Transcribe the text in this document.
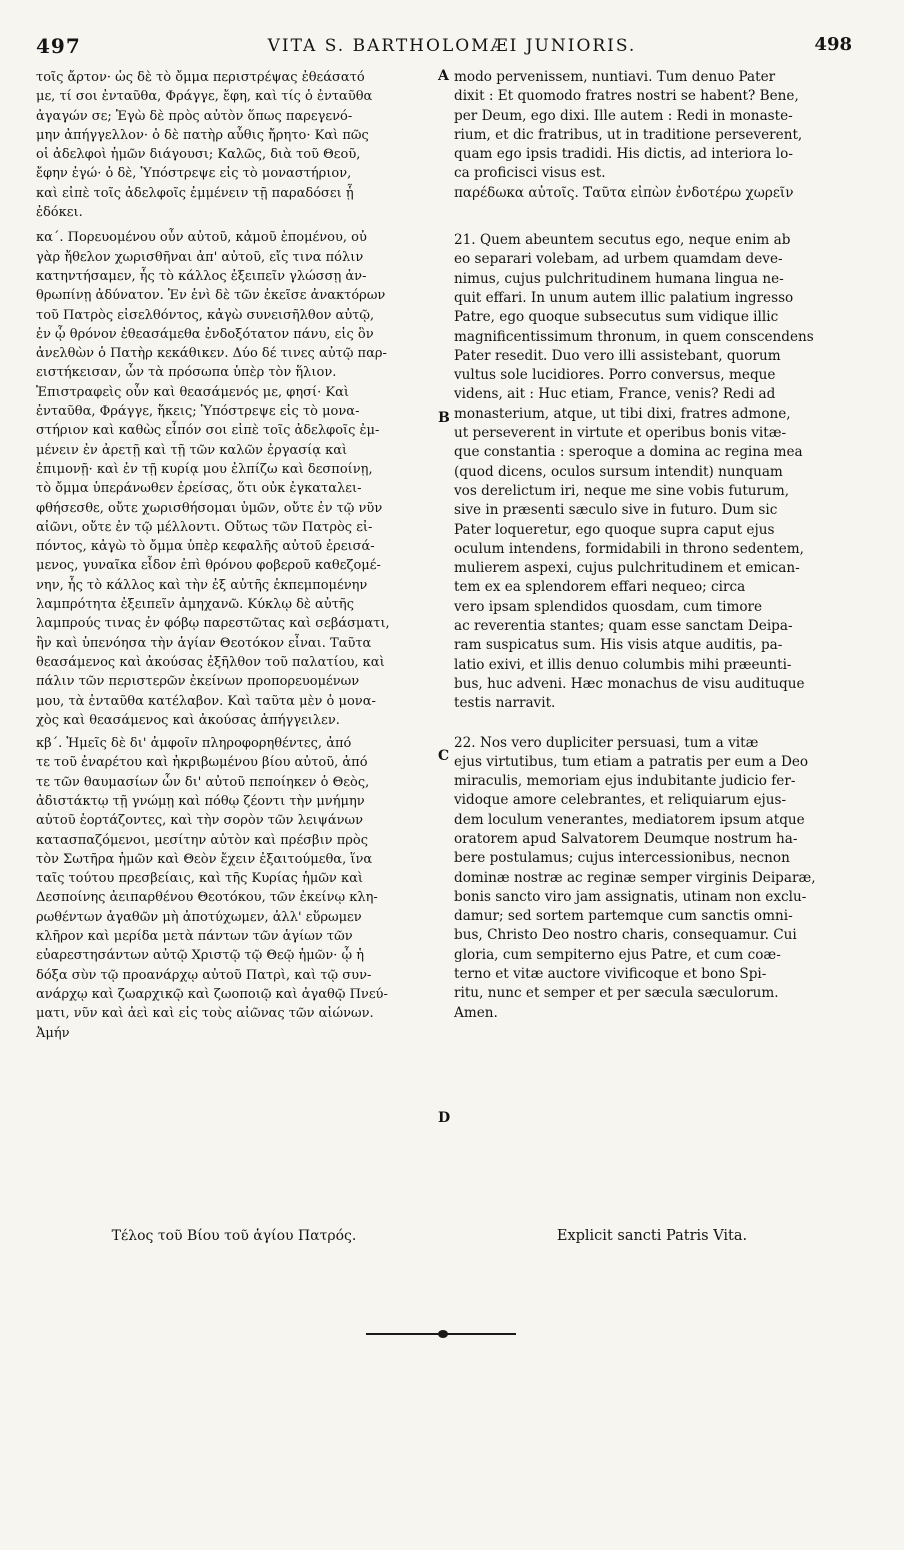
497	VITA S. BARTHOLOMÆI JUNIORIS.	498

τοῖς ἄρτον· ὡς δὲ τὸ ὄμμα περιστρέψας ἐθεάσατό
με, τί σοι ἐνταῦθα, Φράγγε, ἔφη, καὶ τίς ὁ ἐνταῦθα
ἀγαγών σε; Ἐγὼ δὲ πρὸς αὐτὸν ὅπως παρεγενό-
μην ἀπήγγελλον· ὁ δὲ πατὴρ αὖθις ἤρητο· Καὶ πῶς
οἱ ἀδελφοὶ ἡμῶν διάγουσι; Καλῶς, διὰ τοῦ Θεοῦ,
ἔφην ἐγώ· ὁ δὲ, Ὑπόστρεψε εἰς τὸ μοναστήριον,
καὶ εἰπὲ τοῖς ἀδελφοῖς ἐμμένειν τῇ παραδόσει ᾗ
ἐδόκει.

κα΄. Πορευομένου οὖν αὐτοῦ, κἀμοῦ ἑπομένου, οὐ
γὰρ ἤθελον χωρισθῆναι ἀπ' αὐτοῦ, εἴς τινα πόλιν
κατηντήσαμεν, ἧς τὸ κάλλος ἐξειπεῖν γλώσσῃ ἀν-
θρωπίνῃ ἀδύνατον. Ἐν ἑνὶ δὲ τῶν ἐκεῖσε ἀνακτόρων
τοῦ Πατρὸς εἰσελθόντος, κἀγὼ συνεισῆλθον αὐτῷ,
ἐν ᾧ θρόνον ἐθεασάμεθα ἐνδοξότατον πάνυ, εἰς ὃν
ἀνελθὼν ὁ Πατὴρ κεκάθικεν. Δύο δέ τινες αὐτῷ παρ-
ειστήκεισαν, ὧν τὰ πρόσωπα ὑπὲρ τὸν ἥλιον.
Ἐπιστραφεὶς οὖν καὶ θεασάμενός με, φησί· Καὶ
ἐνταῦθα, Φράγγε, ἥκεις; Ὑπόστρεψε εἰς τὸ μονα-
στήριον καὶ καθὼς εἶπόν σοι εἰπὲ τοῖς ἀδελφοῖς ἐμ-
μένειν ἐν ἀρετῇ καὶ τῇ τῶν καλῶν ἐργασίᾳ καὶ
ἐπιμονῇ· καὶ ἐν τῇ κυρίᾳ μου ἐλπίζω καὶ δεσποίνῃ,
τὸ ὄμμα ὑπεράνωθεν ἐρείσας, ὅτι οὐκ ἐγκαταλει-
φθήσεσθε, οὔτε χωρισθήσομαι ὑμῶν, οὔτε ἐν τῷ νῦν
αἰῶνι, οὔτε ἐν τῷ μέλλοντι. Οὕτως τῶν Πατρὸς εἰ-
πόντος, κἀγὼ τὸ ὄμμα ὑπὲρ κεφαλῆς αὐτοῦ ἐρεισά-
μενος, γυναῖκα εἶδον ἐπὶ θρόνου φοβεροῦ καθεζομέ-
νην, ἧς τὸ κάλλος καὶ τὴν ἐξ αὐτῆς ἐκπεμπομένην
λαμπρότητα ἐξειπεῖν ἀμηχανῶ. Κύκλῳ δὲ αὐτῆς
λαμπρούς τινας ἐν φόβῳ παρεστῶτας καὶ σεβάσματι,
ἣν καὶ ὑπενόησα τὴν ἁγίαν Θεοτόκον εἶναι. Ταῦτα
θεασάμενος καὶ ἀκούσας ἐξῆλθον τοῦ παλατίου, καὶ
πάλιν τῶν περιστερῶν ἐκείνων προπορευομένων
μου, τὰ ἐνταῦθα κατέλαβον. Καὶ ταῦτα μὲν ὁ μονα-
χὸς καὶ θεασάμενος καὶ ἀκούσας ἀπήγγειλεν.

κβ΄. Ἡμεῖς δὲ δι' ἀμφοῖν πληροφορηθέντες, ἀπό
τε τοῦ ἐναρέτου καὶ ἠκριβωμένου βίου αὐτοῦ, ἀπό
τε τῶν θαυμασίων ὧν δι' αὐτοῦ πεποίηκεν ὁ Θεὸς,
ἀδιστάκτῳ τῇ γνώμῃ καὶ πόθῳ ζέοντι τὴν μνήμην
αὐτοῦ ἑορτάζοντες, καὶ τὴν σορὸν τῶν λειψάνων
κατασπαζόμενοι, μεσίτην αὐτὸν καὶ πρέσβιν πρὸς
τὸν Σωτῆρα ἡμῶν καὶ Θεὸν ἔχειν ἐξαιτούμεθα, ἵνα
ταῖς τούτου πρεσβείαις, καὶ τῆς Κυρίας ἡμῶν καὶ
Δεσποίνης ἀειπαρθένου Θεοτόκου, τῶν ἐκείνῳ κλη-
ρωθέντων ἀγαθῶν μὴ ἀποτύχωμεν, ἀλλ' εὕρωμεν
κλῆρον καὶ μερίδα μετὰ πάντων τῶν ἁγίων τῶν
εὐαρεστησάντων αὐτῷ Χριστῷ τῷ Θεῷ ἡμῶν· ᾧ ἡ
δόξα σὺν τῷ προανάρχῳ αὐτοῦ Πατρὶ, καὶ τῷ συν-
ανάρχῳ καὶ ζωαρχικῷ καὶ ζωοποιῷ καὶ ἀγαθῷ Πνεύ-
ματι, νῦν καὶ ἀεὶ καὶ εἰς τοὺς αἰῶνας τῶν αἰώνων.
Ἀμήν

modo pervenissem, nuntiavi. Tum denuo Pater
dixit : Et quomodo fratres nostri se habent? Bene,
per Deum, ego dixi. Ille autem : Redi in monaste-
rium, et dic fratribus, ut in traditione perseverent,
quam ego ipsis tradidi. His dictis, ad interiora lo-
ca proficisci visus est.
παρέδωκα αὐτοῖς. Ταῦτα εἰπὼν ἐνδοτέρω χωρεῖν

21. Quem abeuntem secutus ego, neque enim ab
eo separari volebam, ad urbem quamdam deve-
nimus, cujus pulchritudinem humana lingua ne-
quit effari. In unum autem illic palatium ingresso
Patre, ego quoque subsecutus sum vidique illic
magnificentissimum thronum, in quem conscendens
Pater resedit. Duo vero illi assistebant, quorum
vultus sole lucidiores. Porro conversus, meque
videns, ait : Huc etiam, France, venis? Redi ad
monasterium, atque, ut tibi dixi, fratres admone,
ut perseverent in virtute et operibus bonis vitæ-
que constantia : speroque a domina ac regina mea
(quod dicens, oculos sursum intendit) nunquam
vos derelictum iri, neque me sine vobis futurum,
sive in præsenti sæculo sive in futuro. Dum sic
Pater loqueretur, ego quoque supra caput ejus
oculum intendens, formidabili in throno sedentem,
mulierem aspexi, cujus pulchritudinem et emican-
tem ex ea splendorem effari nequeo; circa
vero ipsam splendidos quosdam, cum timore
ac reverentia stantes; quam esse sanctam Deipa-
ram suspicatus sum. His visis atque auditis, pa-
latio exivi, et illis denuo columbis mihi præeunti-
bus, huc adveni. Hæc monachus de visu audituque
testis narravit.

22. Nos vero dupliciter persuasi, tum a vitæ
ejus virtutibus, tum etiam a patratis per eum a Deo
miraculis, memoriam ejus indubitante judicio fer-
vidoque amore celebrantes, et reliquiarum ejus-
dem loculum venerantes, mediatorem ipsum atque
oratorem apud Salvatorem Deumque nostrum ha-
bere postulamus; cujus intercessionibus, necnon
dominæ nostræ ac reginæ semper virginis Deiparæ,
bonis sancto viro jam assignatis, utinam non exclu-
damur; sed sortem partemque cum sanctis omni-
bus, Christo Deo nostro charis, consequamur. Cui
gloria, cum sempiterno ejus Patre, et cum coæ-
terno et vitæ auctore vivificoque et bono Spi-
ritu, nunc et semper et per sæcula sæculorum.
Amen.

A
B
C
D
Τέλος τοῦ Βίου τοῦ ἁγίου Πατρός.	Explicit sancti Patris Vita.
